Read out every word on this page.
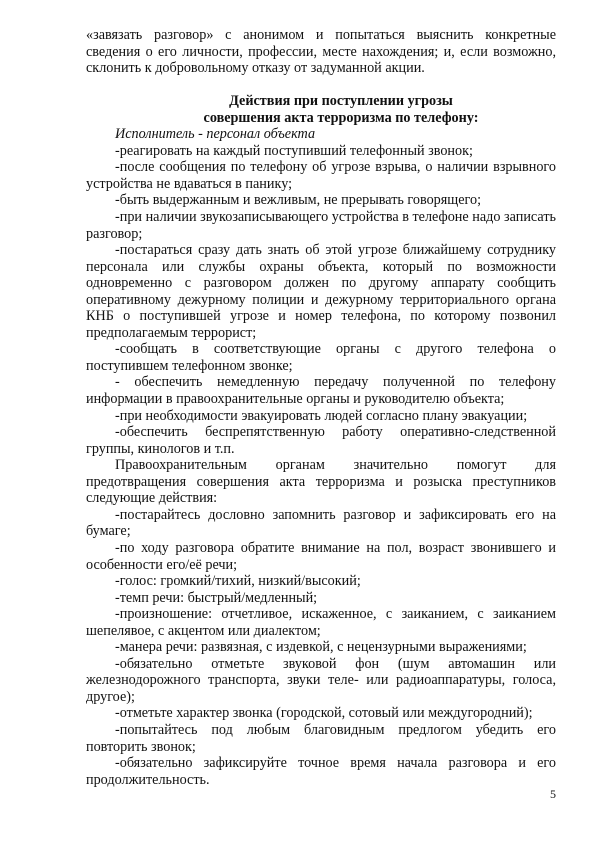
«завязать разговор» с анонимом и попытаться выяснить конкретные сведения о его личности, профессии, месте нахождения; и, если возможно, склонить к добровольному отказу от задуманной акции.

Действия при поступлении угрозы

совершения акта терроризма по телефону:

Исполнитель - персонал объекта

-реагировать на каждый поступивший телефонный звонок;

-после сообщения по телефону об угрозе взрыва, о наличии взрывного устройства не вдаваться в панику;

-быть выдержанным и вежливым, не прерывать говорящего;

-при наличии звукозаписывающего устройства в телефоне надо записать разговор;

-постараться сразу дать знать об этой угрозе ближайшему сотруднику персонала или службы охраны объекта, который по возможности одновременно с разговором должен по другому аппарату сообщить оперативному дежурному полиции и дежурному территориального органа КНБ о поступившей угрозе и номер телефона, по которому позвонил предполагаемым террорист;

-сообщать в соответствующие органы с другого телефона о поступившем телефонном звонке;

- обеспечить немедленную передачу полученной по телефону информации в правоохранительные органы и руководителю объекта;

-при необходимости эвакуировать людей согласно плану эвакуации;

-обеспечить беспрепятственную работу оперативно-следственной группы, кинологов и т.п.

Правоохранительным органам значительно помогут для предотвращения совершения акта терроризма и розыска преступников следующие действия:

-постарайтесь дословно запомнить разговор и зафиксировать его на бумаге;

-по ходу разговора обратите внимание на пол, возраст звонившего и особенности его/её речи;

-голос: громкий/тихий, низкий/высокий;

-темп речи: быстрый/медленный;

-произношение: отчетливое, искаженное, с заиканием, с заиканием шепелявое, с акцентом или диалектом;

-манера речи: развязная, с издевкой, с нецензурными выражениями;

-обязательно отметьте звуковой фон (шум автомашин или железнодорожного транспорта, звуки теле- или радиоаппаратуры, голоса, другое);

-отметьте характер звонка (городской, сотовый или междугородний);

-попытайтесь под любым благовидным предлогом убедить его повторить звонок;

-обязательно зафиксируйте точное время начала разговора и его продолжительность.

5
